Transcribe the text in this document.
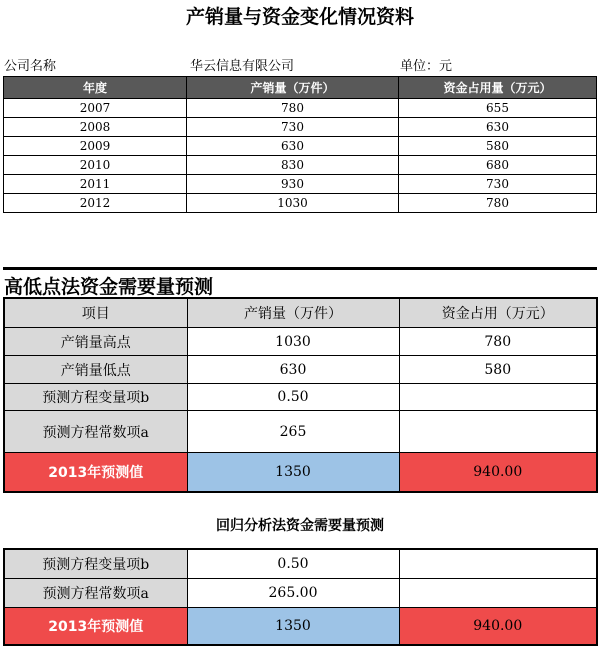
产销量与资金变化情况资料
公司名称	华云信息有限公司	单位：元
年度	产销量（万件）	资金占用量（万元）
2007	780	655
2008	730	630
2009	630	580
2010	830	680
2011	930	730
2012	1030	780
高低点法资金需要量预测
项目	产销量（万件）	资金占用（万元）
产销量高点	1030	780
产销量低点	630	580
预测方程变量项b	0.50	
预测方程常数项a	265	
2013年预测值	1350	940.00
回归分析法资金需要量预测
预测方程变量项b	0.50	
预测方程常数项a	265.00	
2013年预测值	1350	940.00
